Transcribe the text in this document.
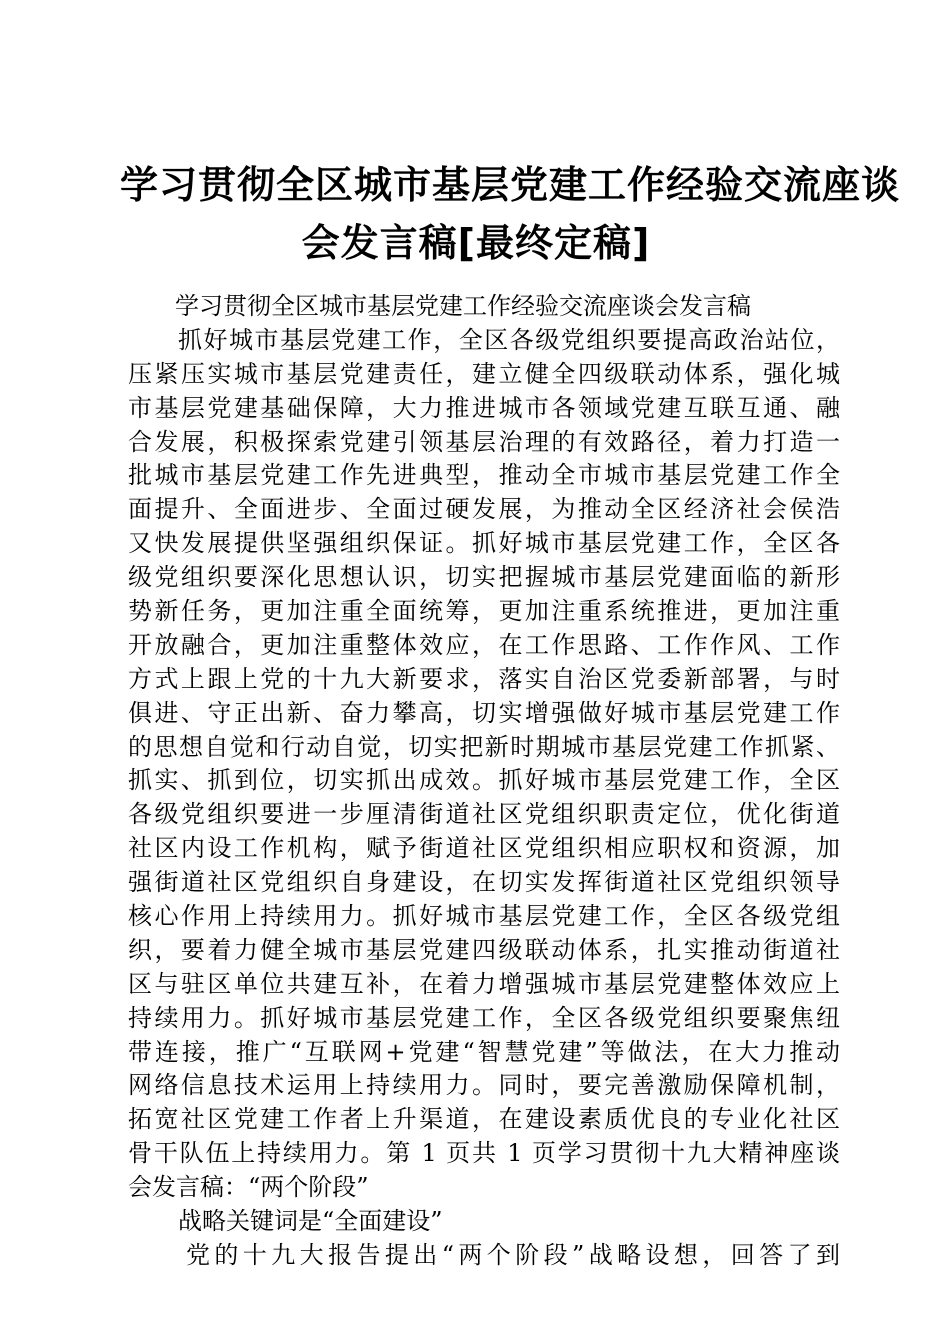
学习贯彻全区城市基层党建工作经验交流座谈
会发言稿[最终定稿]
学习贯彻全区城市基层党建工作经验交流座谈会发言稿
抓好城市基层党建工作，全区各级党组织要提高政治站位，
压紧压实城市基层党建责任，建立健全四级联动体系，强化城
市基层党建基础保障，大力推进城市各领域党建互联互通、融
合发展，积极探索党建引领基层治理的有效路径，着力打造一
批城市基层党建工作先进典型，推动全市城市基层党建工作全
面提升、全面进步、全面过硬发展，为推动全区经济社会侯浩
又快发展提供坚强组织保证。抓好城市基层党建工作，全区各
级党组织要深化思想认识，切实把握城市基层党建面临的新形
势新任务，更加注重全面统筹，更加注重系统推进，更加注重
开放融合，更加注重整体效应，在工作思路、工作作风、工作
方式上跟上党的十九大新要求，落实自治区党委新部署，与时
俱进、守正出新、奋力攀高，切实增强做好城市基层党建工作
的思想自觉和行动自觉，切实把新时期城市基层党建工作抓紧、
抓实、抓到位，切实抓出成效。抓好城市基层党建工作，全区
各级党组织要进一步厘清街道社区党组织职责定位，优化街道
社区内设工作机构，赋予街道社区党组织相应职权和资源，加
强街道社区党组织自身建设，在切实发挥街道社区党组织领导
核心作用上持续用力。抓好城市基层党建工作，全区各级党组
织，要着力健全城市基层党建四级联动体系，扎实推动街道社
区与驻区单位共建互补，在着力增强城市基层党建整体效应上
持续用力。抓好城市基层党建工作，全区各级党组织要聚焦纽
带连接，推广“互联网+党建“智慧党建”等做法，在大力推动
网络信息技术运用上持续用力。同时，要完善激励保障机制，
拓宽社区党建工作者上升渠道，在建设素质优良的专业化社区
骨干队伍上持续用力。第 1 页共 1 页学习贯彻十九大精神座谈
会发言稿：“两个阶段”
战略关键词是“全面建设”
党的十九大报告提出“两个阶段”战略设想，回答了到
